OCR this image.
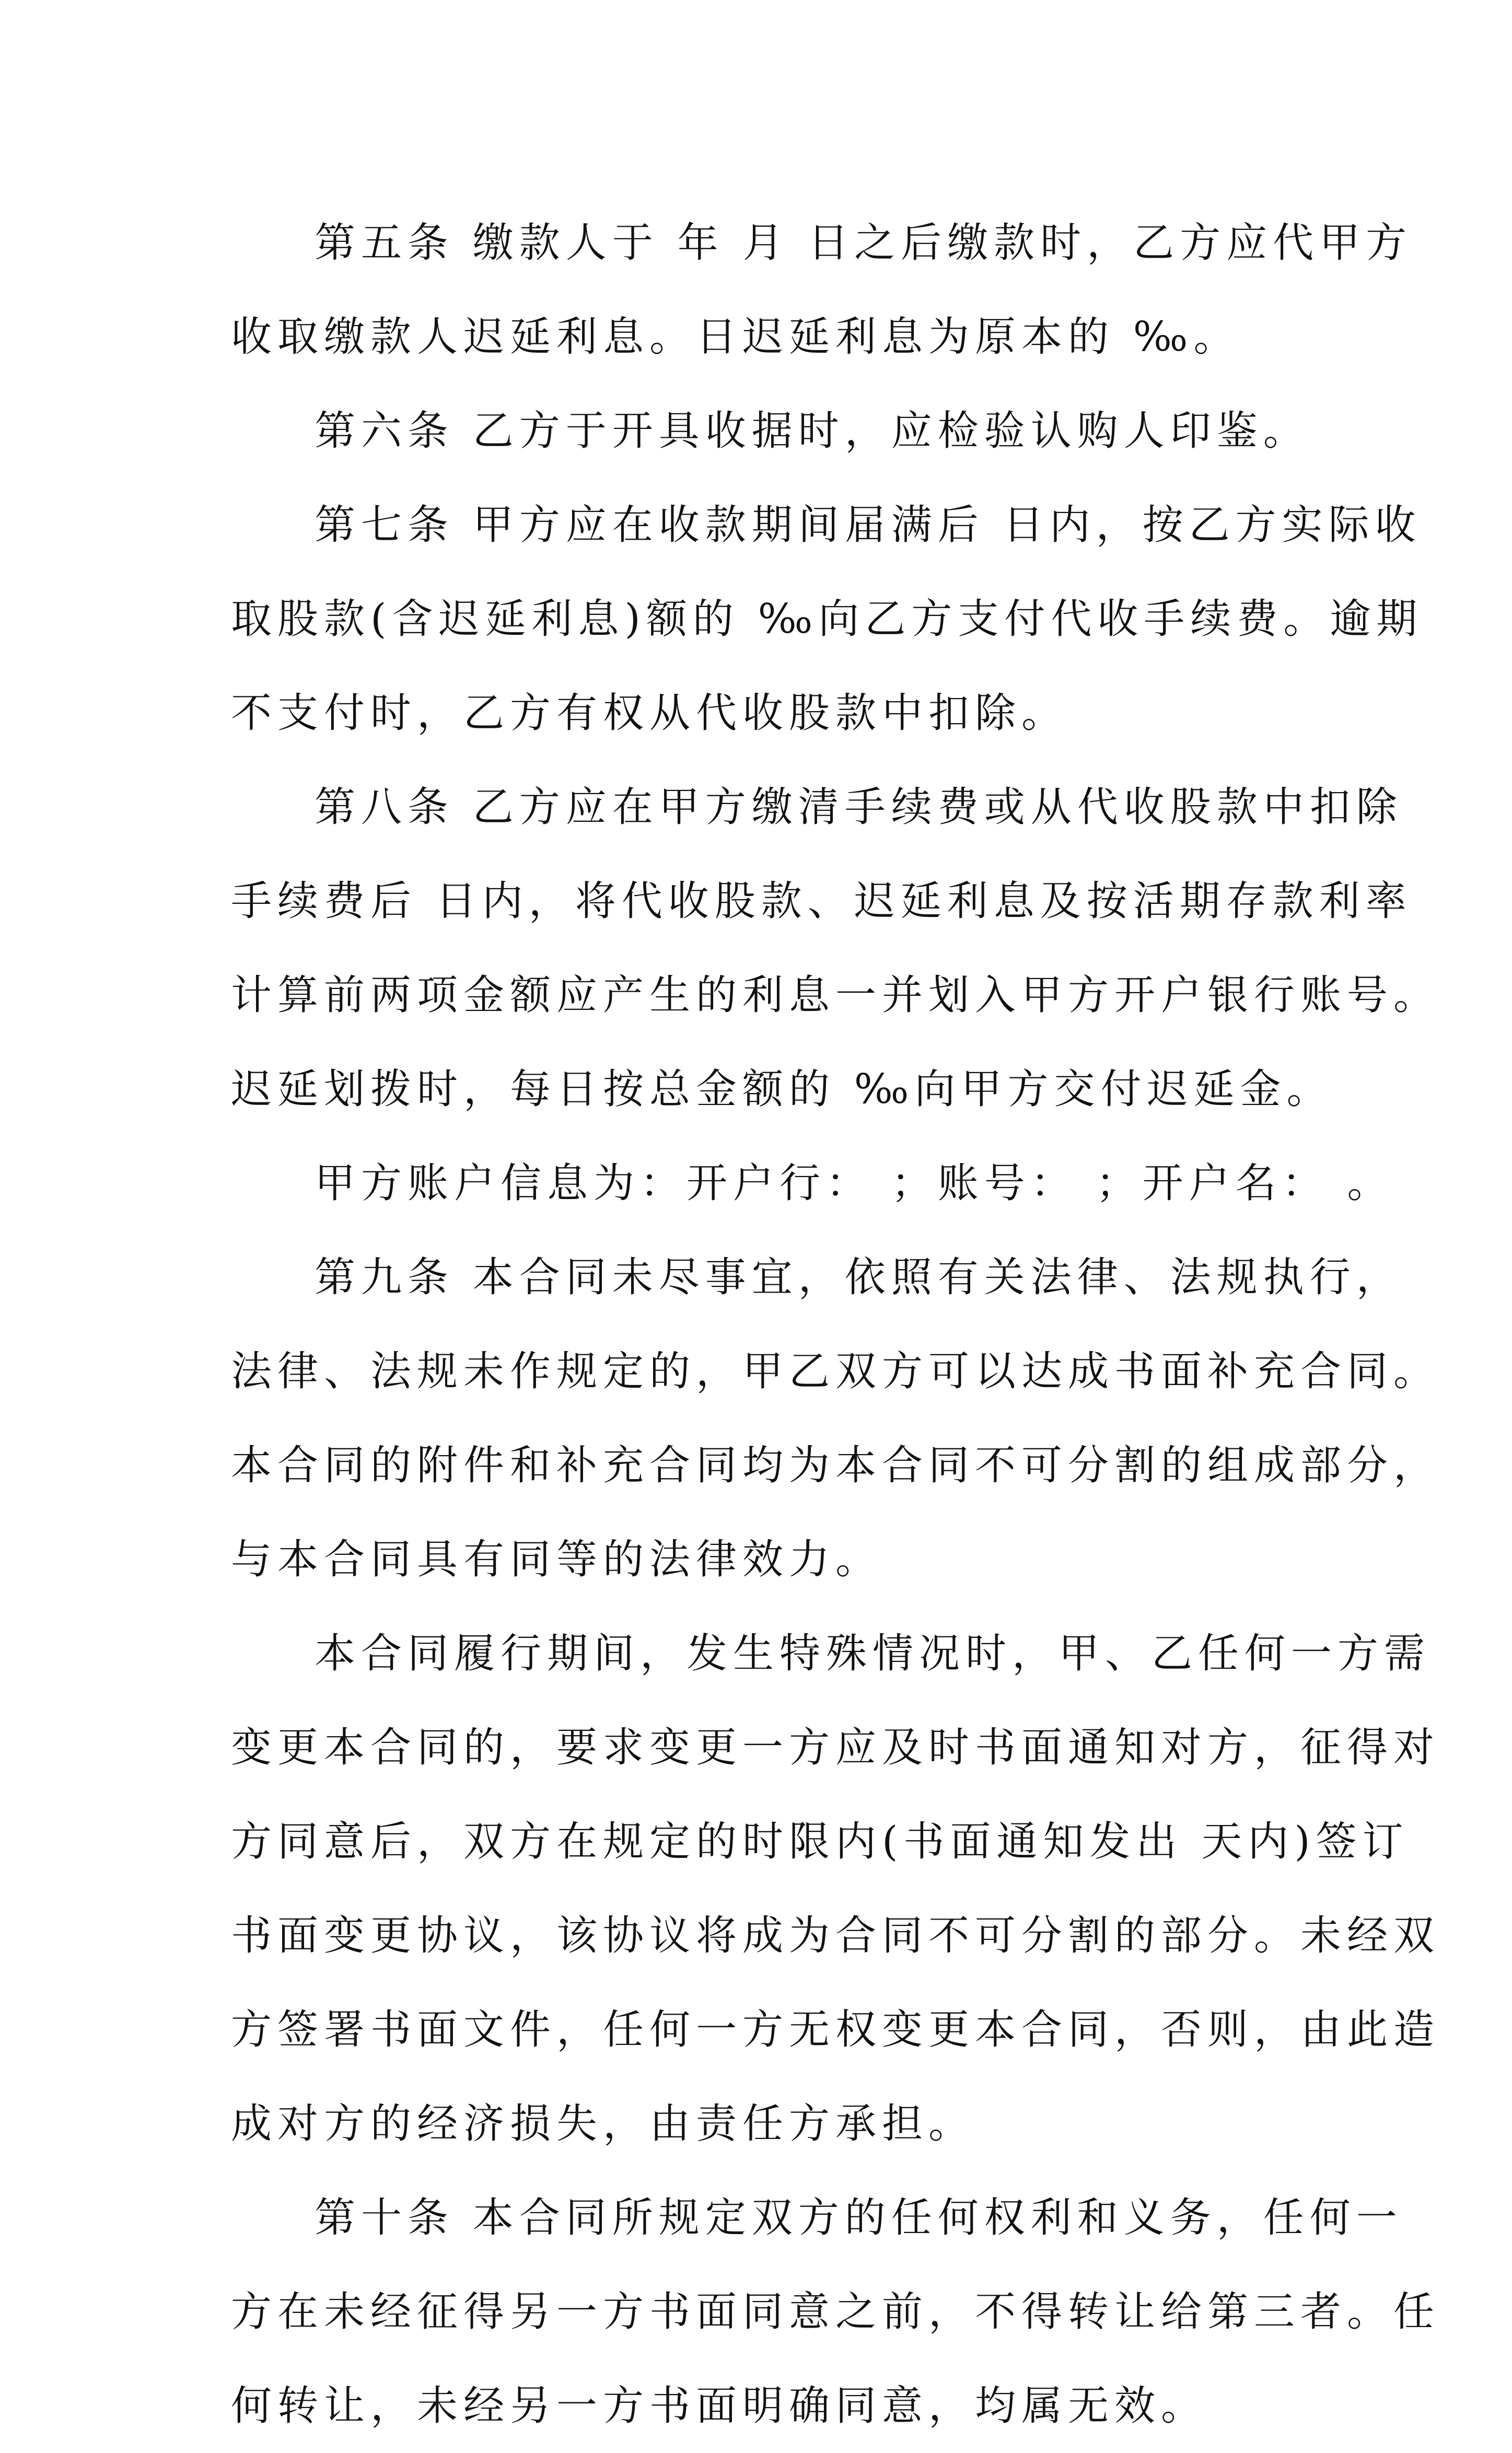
第五条 缴款人于 年 月 日之后缴款时，乙方应代甲方
收取缴款人迟延利息。日迟延利息为原本的 ‰。
第六条 乙方于开具收据时，应检验认购人印鉴。
第七条 甲方应在收款期间届满后 日内，按乙方实际收
取股款(含迟延利息)额的 ‰向乙方支付代收手续费。逾期
不支付时，乙方有权从代收股款中扣除。
第八条 乙方应在甲方缴清手续费或从代收股款中扣除
手续费后 日内，将代收股款、迟延利息及按活期存款利率
计算前两项金额应产生的利息一并划入甲方开户银行账号。
迟延划拨时，每日按总金额的 ‰向甲方交付迟延金。
甲方账户信息为：开户行： ；账号： ；开户名： 。
第九条 本合同未尽事宜，依照有关法律、法规执行，
法律、法规未作规定的，甲乙双方可以达成书面补充合同。
本合同的附件和补充合同均为本合同不可分割的组成部分，
与本合同具有同等的法律效力。
本合同履行期间，发生特殊情况时，甲、乙任何一方需
变更本合同的，要求变更一方应及时书面通知对方，征得对
方同意后，双方在规定的时限内(书面通知发出 天内)签订
书面变更协议，该协议将成为合同不可分割的部分。未经双
方签署书面文件，任何一方无权变更本合同，否则，由此造
成对方的经济损失，由责任方承担。
第十条 本合同所规定双方的任何权利和义务，任何一
方在未经征得另一方书面同意之前，不得转让给第三者。任
何转让，未经另一方书面明确同意，均属无效。
